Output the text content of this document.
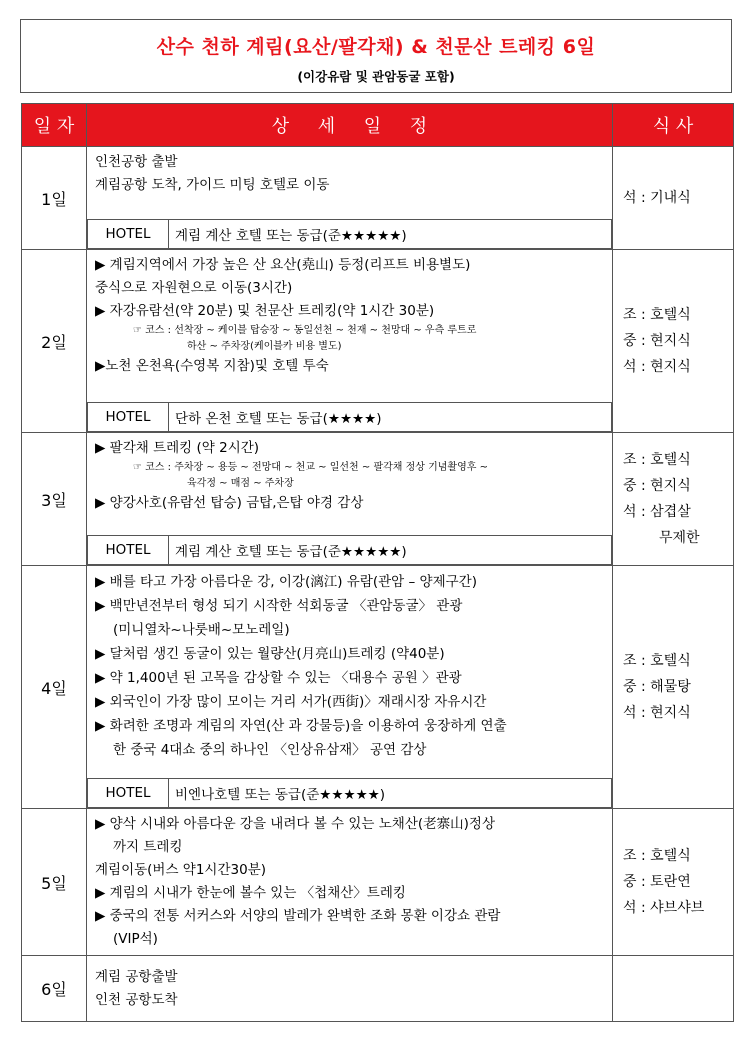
산수 천하 계림(요산/팔각채) & 천문산 트레킹 6일
(이강유람 및 관암동굴 포함)
일 자	상     세     일     정	식 사
1일	
인천공항 출발
계림공항 도착, 가이드 미팅 호텔로 이동
HOTEL	계림 계산 호텔 또는 동급(준★★★★★)

석 : 기내식

2일	
▶ 계림지역에서 가장 높은 산 요산(堯山) 등정(리프트 비용별도)
중식으로 자원현으로 이동(3시간)
▶ 자강유람선(약 20분) 및 천문산 트레킹(약 1시간 30분)
☞ 코스 : 선착장 ~ 케이블 탑승장 ~ 동일선천 ~ 천재 ~ 천망대 ~ 우측 루트로
하산 ~ 주차장(케이블카 비용 별도)
▶노천 온천욕(수영복 지참)및 호텔 투숙
HOTEL	단하 온천 호텔 또는 동급(★★★★)

조 : 호텔식
중 : 현지식
석 : 현지식

3일	
▶ 팔각채 트레킹 (약 2시간)
☞ 코스 : 주차장 ~ 용등 ~ 전망대 ~ 천교 ~ 일선천 ~ 팔각채 정상 기념촬영후 ~
육각정 ~ 매점 ~ 주차장
▶ 양강사호(유람선 탑승) 금탑,은탑 야경 감상
HOTEL	계림 계산 호텔 또는 동급(준★★★★★)

조 : 호텔식
중 : 현지식
석 : 삼겹살
무제한

4일	
▶ 배를 타고 가장 아름다운 강, 이강(漓江) 유람(관암 – 양제구간)
▶ 백만년전부터 형성 되기 시작한 석회동굴 〈관암동굴〉 관광
(미니열차~나룻배~모노레일)
▶ 달처럼 생긴 동굴이 있는 월량산(月亮山)트레킹 (약40분)
▶ 약 1,400년 된 고목을 감상할 수 있는 〈대용수 공원 〉관광
▶ 외국인이 가장 많이 모이는 거리 서가(西街)〉재래시장 자유시간
▶ 화려한 조명과 계림의 자연(산 과 강물등)을 이용하여 웅장하게 연출
한 중국 4대쇼 중의 하나인 〈인상유삼재〉 공연 감상
HOTEL	비엔나호텔 또는 동급(준★★★★★)

조 : 호텔식
중 : 해물탕
석 : 현지식

5일	
▶ 양삭 시내와 아름다운 강을 내려다 볼 수 있는 노채산(老寨山)정상
까지 트레킹
계림이동(버스 약1시간30분)
▶ 계림의 시내가 한눈에 볼수 있는 〈첩채산〉트레킹
▶ 중국의 전통 서커스와 서양의 발레가 완벽한 조화 몽환 이강쇼 관람
(VIP석)

조 : 호텔식
중 : 토란연
석 : 샤브샤브

6일	
계림 공항출발
인천 공항도착
